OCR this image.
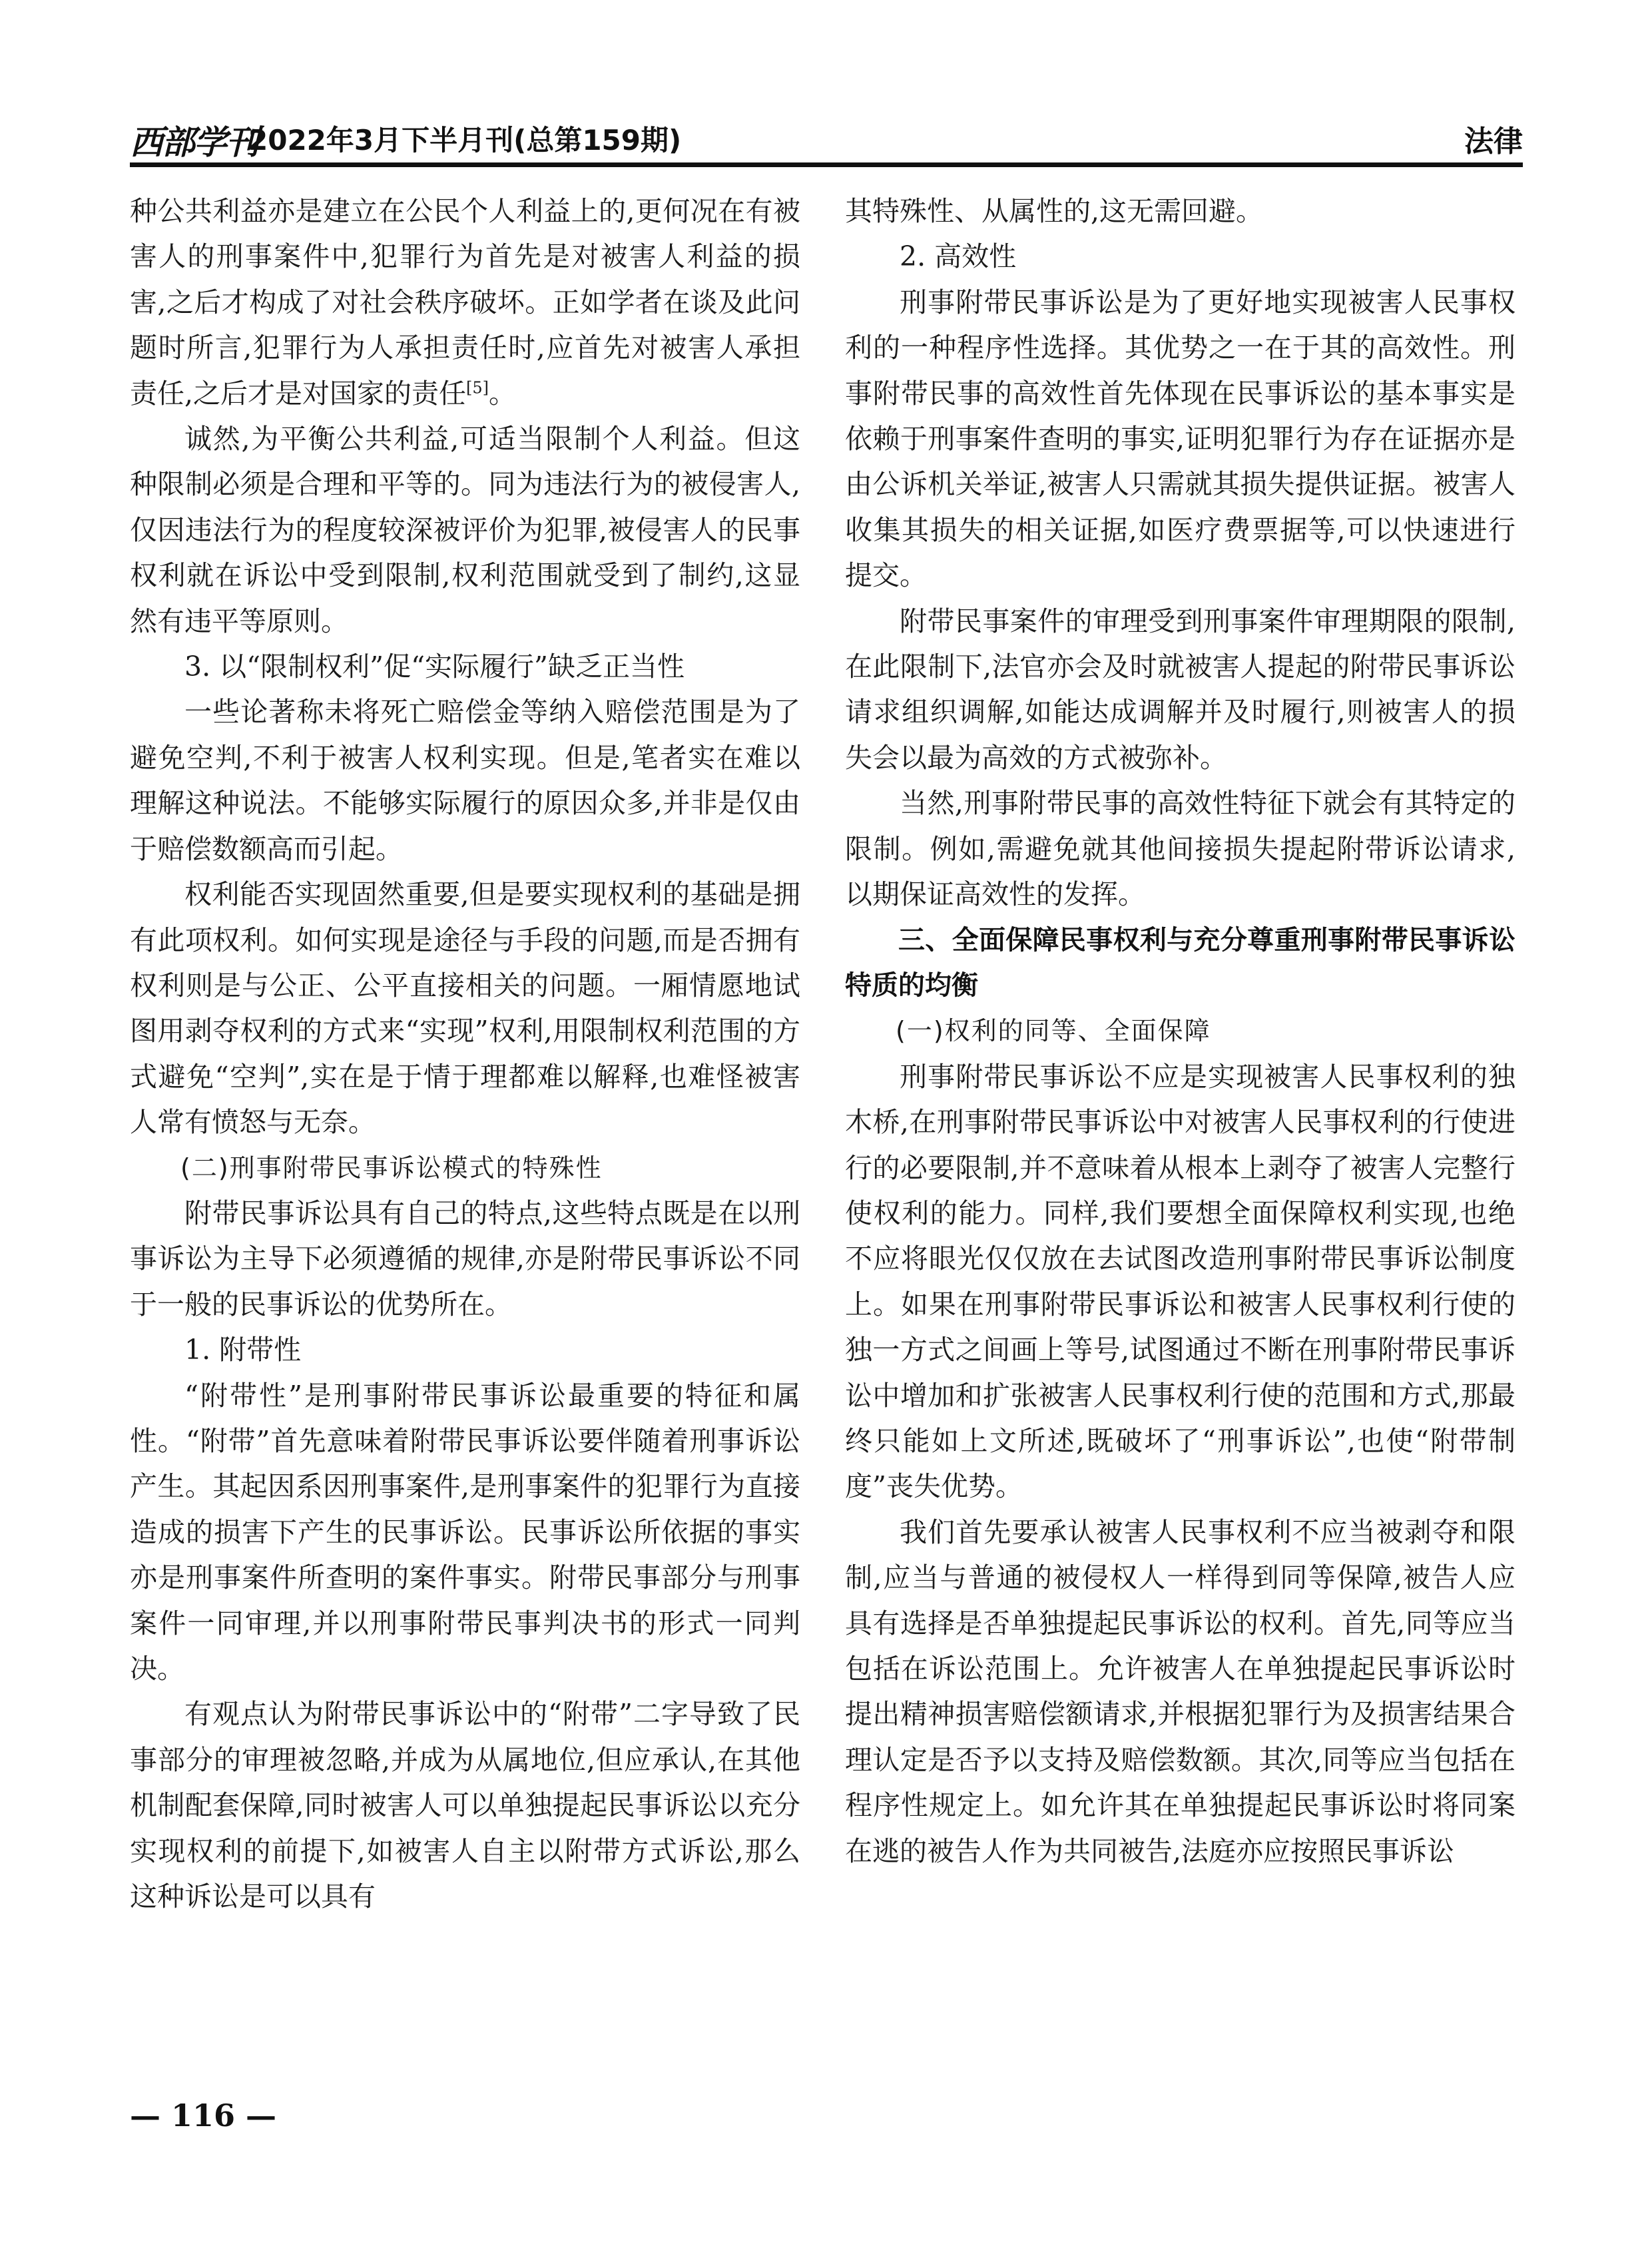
西部学刊
2022年3月下半月刊(总第159期)	法律

种公共利益亦是建立在公民个人利益上的,更何况在有被害人的刑事案件中,犯罪行为首先是对被害人利益的损害,之后才构成了对社会秩序破坏。正如学者在谈及此问题时所言,犯罪行为人承担责任时,应首先对被害人承担责任,之后才是对国家的责任[5]。

诚然,为平衡公共利益,可适当限制个人利益。但这种限制必须是合理和平等的。同为违法行为的被侵害人,仅因违法行为的程度较深被评价为犯罪,被侵害人的民事权利就在诉讼中受到限制,权利范围就受到了制约,这显然有违平等原则。

3. 以“限制权利”促“实际履行”缺乏正当性

一些论著称未将死亡赔偿金等纳入赔偿范围是为了避免空判,不利于被害人权利实现。但是,笔者实在难以理解这种说法。不能够实际履行的原因众多,并非是仅由于赔偿数额高而引起。

权利能否实现固然重要,但是要实现权利的基础是拥有此项权利。如何实现是途径与手段的问题,而是否拥有权利则是与公正、公平直接相关的问题。一厢情愿地试图用剥夺权利的方式来“实现”权利,用限制权利范围的方式避免“空判”,实在是于情于理都难以解释,也难怪被害人常有愤怒与无奈。

(二)刑事附带民事诉讼模式的特殊性

附带民事诉讼具有自己的特点,这些特点既是在以刑事诉讼为主导下必须遵循的规律,亦是附带民事诉讼不同于一般的民事诉讼的优势所在。

1. 附带性

“附带性”是刑事附带民事诉讼最重要的特征和属性。“附带”首先意味着附带民事诉讼要伴随着刑事诉讼产生。其起因系因刑事案件,是刑事案件的犯罪行为直接造成的损害下产生的民事诉讼。民事诉讼所依据的事实亦是刑事案件所查明的案件事实。附带民事部分与刑事案件一同审理,并以刑事附带民事判决书的形式一同判决。

有观点认为附带民事诉讼中的“附带”二字导致了民事部分的审理被忽略,并成为从属地位,但应承认,在其他机制配套保障,同时被害人可以单独提起民事诉讼以充分实现权利的前提下,如被害人自主以附带方式诉讼,那么这种诉讼是可以具有

其特殊性、从属性的,这无需回避。

2. 高效性

刑事附带民事诉讼是为了更好地实现被害人民事权利的一种程序性选择。其优势之一在于其的高效性。刑事附带民事的高效性首先体现在民事诉讼的基本事实是依赖于刑事案件查明的事实,证明犯罪行为存在证据亦是由公诉机关举证,被害人只需就其损失提供证据。被害人收集其损失的相关证据,如医疗费票据等,可以快速进行提交。

附带民事案件的审理受到刑事案件审理期限的限制,在此限制下,法官亦会及时就被害人提起的附带民事诉讼请求组织调解,如能达成调解并及时履行,则被害人的损失会以最为高效的方式被弥补。

当然,刑事附带民事的高效性特征下就会有其特定的限制。例如,需避免就其他间接损失提起附带诉讼请求,以期保证高效性的发挥。

三、全面保障民事权利与充分尊重刑事附带民事诉讼特质的均衡
(一)权利的同等、全面保障

刑事附带民事诉讼不应是实现被害人民事权利的独木桥,在刑事附带民事诉讼中对被害人民事权利的行使进行的必要限制,并不意味着从根本上剥夺了被害人完整行使权利的能力。同样,我们要想全面保障权利实现,也绝不应将眼光仅仅放在去试图改造刑事附带民事诉讼制度上。如果在刑事附带民事诉讼和被害人民事权利行使的独一方式之间画上等号,试图通过不断在刑事附带民事诉讼中增加和扩张被害人民事权利行使的范围和方式,那最终只能如上文所述,既破坏了“刑事诉讼”,也使“附带制度”丧失优势。

我们首先要承认被害人民事权利不应当被剥夺和限制,应当与普通的被侵权人一样得到同等保障,被告人应具有选择是否单独提起民事诉讼的权利。首先,同等应当包括在诉讼范围上。允许被害人在单独提起民事诉讼时提出精神损害赔偿额请求,并根据犯罪行为及损害结果合理认定是否予以支持及赔偿数额。其次,同等应当包括在程序性规定上。如允许其在单独提起民事诉讼时将同案在逃的被告人作为共同被告,法庭亦应按照民事诉讼

— 116 —
